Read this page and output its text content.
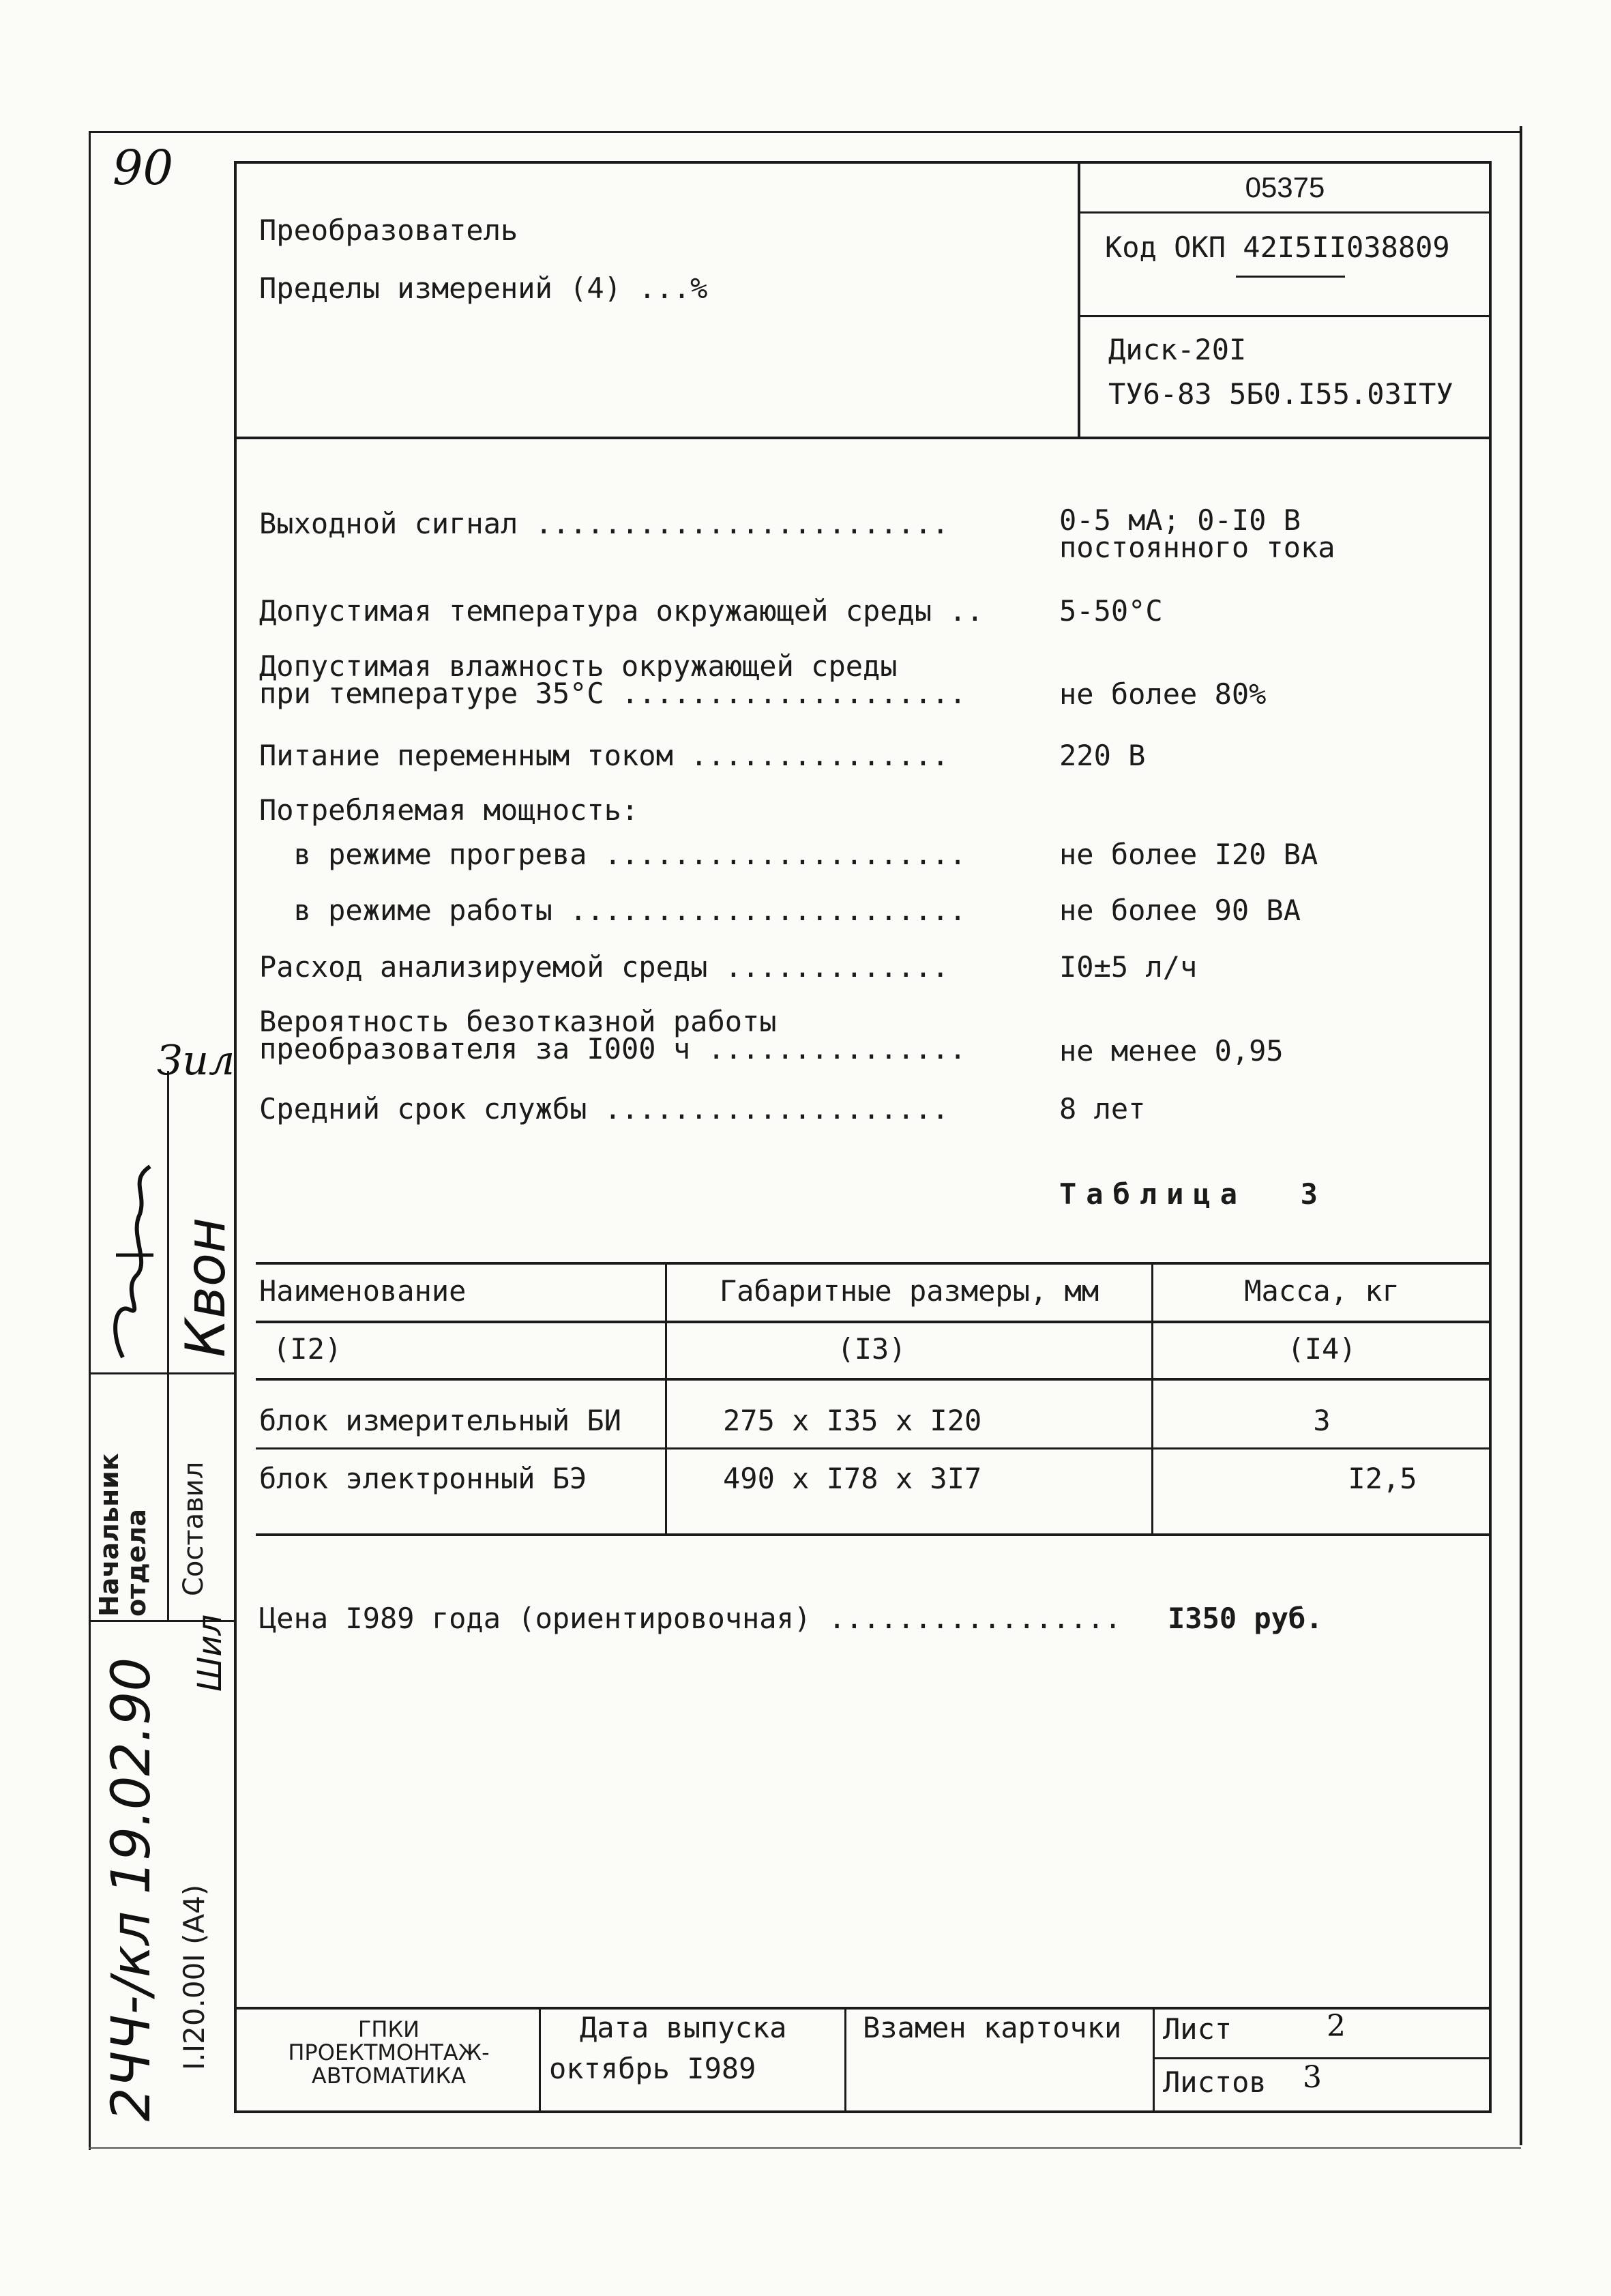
90
Преобразователь
Пределы измерений (4) ...%
05375
Код ОКП 42I5II038809
Диск-20I
ТУ6-83 5Б0.I55.03IТУ
Выходной сигнал ........................	0-5 мА; 0-I0 В
постоянного тока
Допустимая температура окружающей среды ..	5-50°С
Допустимая влажность окружающей среды
при температуре 35°С ....................	не более 80%
Питание переменным током ...............	220 В
Потребляемая мощность:
в режиме прогрева .....................	не более I20 ВА
в режиме работы .......................	не более 90 ВА
Расход анализируемой среды .............	I0±5 л/ч
Вероятность безотказной работы
преобразователя за I000 ч ...............	не менее 0,95
Средний срок службы ....................	8 лет
Таблица  3
Наименование	Габаритные размеры, мм	Масса, кг
(I2)	(I3)	(I4)
блок измерительный БИ	275 х I35 х I20	3
блок электронный БЭ	490 х I78 х 3I7	I2,5
Цена I989 года (ориентировочная) ................. I350 руб.
ГПКИ
ПРОЕКТМОНТАЖ-
АВТОМАТИКА
Дата выпуска
октябрь I989
Взамен карточки Лист	2
Листов 3
Начальник
отдела Составил
I.I20.00I (А4)
Зил
Квон
Шил
2ЧЧ-/кл 19.02.90
